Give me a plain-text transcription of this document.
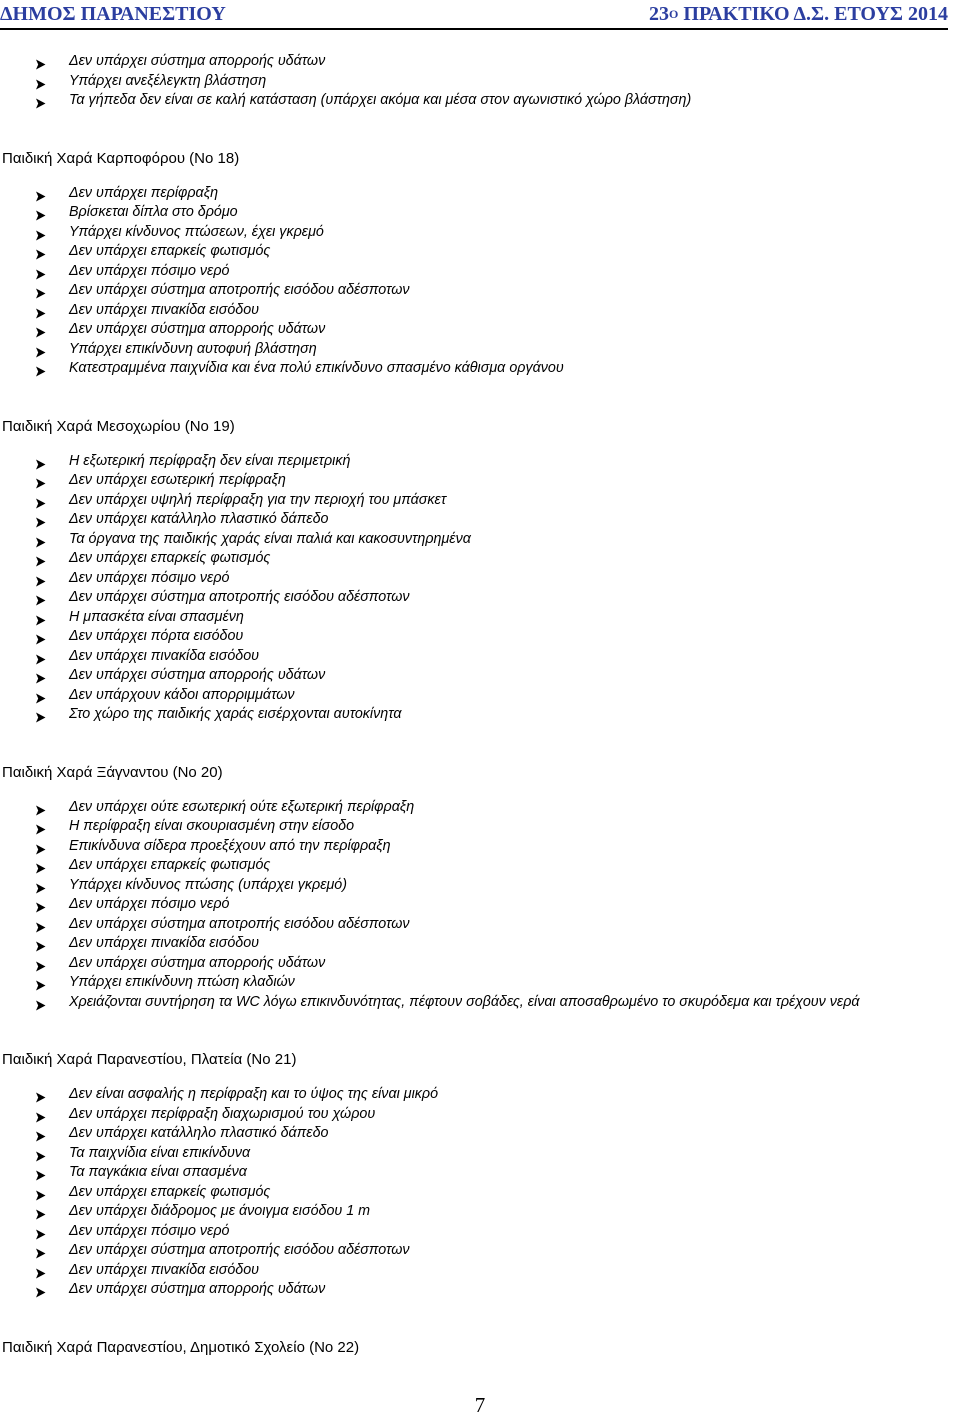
ΔΗΜΟΣ ΠΑΡΑΝΕΣΤΙΟΥ	$23^O$ ΠΡΑΚΤΙΚΟ Δ.Σ. ΕΤΟΥΣ 2014
Δεν υπάρχει σύστημα απορροής υδάτων
Υπάρχει ανεξέλεγκτη βλάστηση
Τα γήπεδα δεν είναι σε καλή κατάσταση (υπάρχει ακόμα και μέσα στον αγωνιστικό χώρο βλάστηση)

Παιδική Χαρά Καρποφόρου (Νο 18)

Δεν υπάρχει περίφραξη
Βρίσκεται δίπλα στο δρόμο
Υπάρχει κίνδυνος πτώσεων, έχει γκρεμό
Δεν υπάρχει επαρκείς φωτισμός
Δεν υπάρχει πόσιμο νερό
Δεν υπάρχει σύστημα αποτροπής εισόδου αδέσποτων
Δεν υπάρχει πινακίδα εισόδου
Δεν υπάρχει σύστημα απορροής υδάτων
Υπάρχει επικίνδυνη αυτοφυή βλάστηση
Κατεστραμμένα παιχνίδια και ένα πολύ επικίνδυνο σπασμένο κάθισμα οργάνου

Παιδική Χαρά Μεσοχωρίου (Νο 19)

Η εξωτερική περίφραξη δεν είναι περιμετρική
Δεν υπάρχει εσωτερική περίφραξη
Δεν υπάρχει υψηλή περίφραξη για την περιοχή του μπάσκετ
Δεν υπάρχει κατάλληλο πλαστικό δάπεδο
Τα όργανα της παιδικής χαράς είναι παλιά και κακοσυντηρημένα
Δεν υπάρχει επαρκείς φωτισμός
Δεν υπάρχει πόσιμο νερό
Δεν υπάρχει σύστημα αποτροπής εισόδου αδέσποτων
Η μπασκέτα είναι σπασμένη
Δεν υπάρχει πόρτα εισόδου
Δεν υπάρχει πινακίδα εισόδου
Δεν υπάρχει σύστημα απορροής υδάτων
Δεν υπάρχουν κάδοι απορριμμάτων
Στο χώρο της παιδικής χαράς εισέρχονται αυτοκίνητα

Παιδική Χαρά Ξάγναντου (Νο 20)

Δεν υπάρχει ούτε εσωτερική ούτε εξωτερική περίφραξη
Η περίφραξη είναι σκουριασμένη στην είσοδο
Επικίνδυνα σίδερα προεξέχουν από την περίφραξη
Δεν υπάρχει επαρκείς φωτισμός
Υπάρχει κίνδυνος πτώσης (υπάρχει γκρεμό)
Δεν υπάρχει πόσιμο νερό
Δεν υπάρχει σύστημα αποτροπής εισόδου αδέσποτων
Δεν υπάρχει πινακίδα εισόδου
Δεν υπάρχει σύστημα απορροής υδάτων
Υπάρχει επικίνδυνη πτώση κλαδιών
Χρειάζονται συντήρηση τα WC λόγω επικινδυνότητας, πέφτουν σοβάδες, είναι αποσαθρωμένο το σκυρόδεμα και τρέχουν νερά

Παιδική Χαρά Παρανεστίου, Πλατεία (Νο 21)

Δεν είναι ασφαλής η περίφραξη και το ύψος της είναι μικρό
Δεν υπάρχει περίφραξη διαχωρισμού του χώρου
Δεν υπάρχει κατάλληλο πλαστικό δάπεδο
Τα παιχνίδια είναι επικίνδυνα
Τα παγκάκια είναι σπασμένα
Δεν υπάρχει επαρκείς φωτισμός
Δεν υπάρχει διάδρομος με άνοιγμα εισόδου 1 m
Δεν υπάρχει πόσιμο νερό
Δεν υπάρχει σύστημα αποτροπής εισόδου αδέσποτων
Δεν υπάρχει πινακίδα εισόδου
Δεν υπάρχει σύστημα απορροής υδάτων

Παιδική Χαρά Παρανεστίου, Δημοτικό Σχολείο (Νο 22)

7
